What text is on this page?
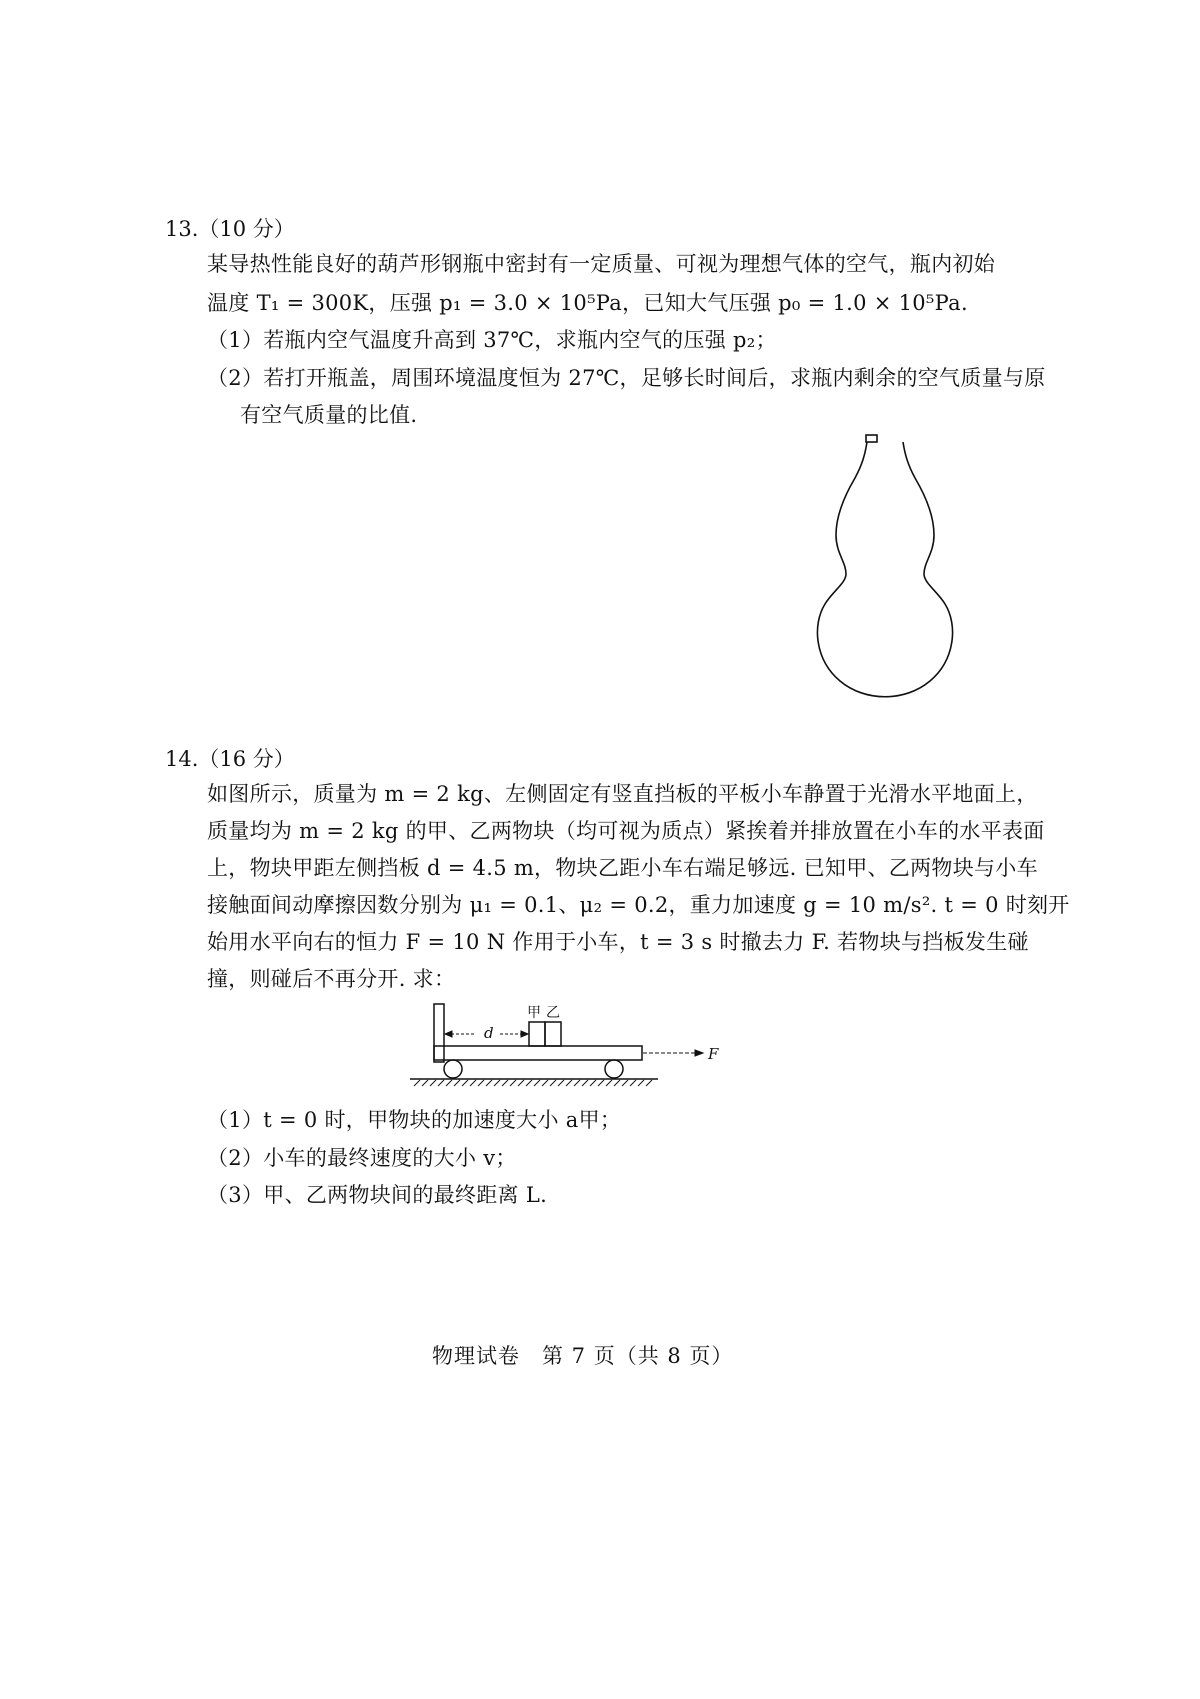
13.（10 分）
某导热性能良好的葫芦形钢瓶中密封有一定质量、可视为理想气体的空气，瓶内初始
温度 T₁ = 300K，压强 p₁ = 3.0 × 10⁵Pa，已知大气压强 p₀ = 1.0 × 10⁵Pa.
（1）若瓶内空气温度升高到 37℃，求瓶内空气的压强 p₂；
（2）若打开瓶盖，周围环境温度恒为 27℃，足够长时间后，求瓶内剩余的空气质量与原
有空气质量的比值.
14.（16 分）
如图所示，质量为 m = 2 kg、左侧固定有竖直挡板的平板小车静置于光滑水平地面上，
质量均为 m = 2 kg 的甲、乙两物块（均可视为质点）紧挨着并排放置在小车的水平表面
上，物块甲距左侧挡板 d = 4.5 m，物块乙距小车右端足够远. 已知甲、乙两物块与小车
接触面间动摩擦因数分别为 μ₁ = 0.1、μ₂ = 0.2，重力加速度 g = 10 m/s². t = 0 时刻开
始用水平向右的恒力 F = 10 N 作用于小车，t = 3 s 时撤去力 F. 若物块与挡板发生碰
撞，则碰后不再分开. 求：
甲 乙
d
F
（1）t = 0 时，甲物块的加速度大小 a甲；
（2）小车的最终速度的大小 v；
（3）甲、乙两物块间的最终距离 L.
物理试卷　第 7 页（共 8 页）
